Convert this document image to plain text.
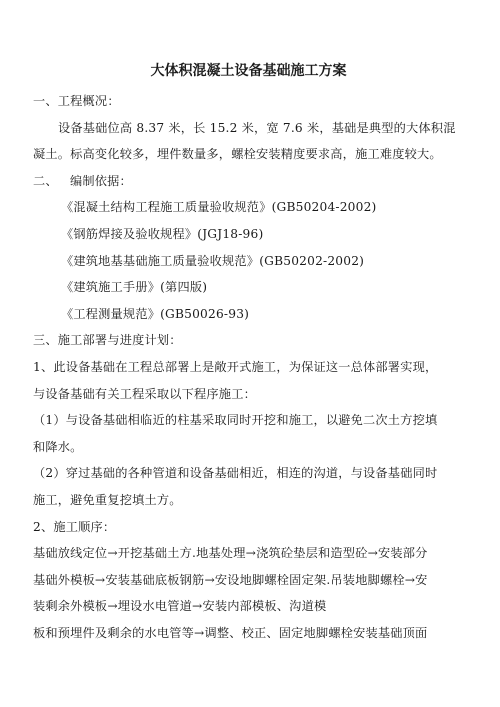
大体积混凝土设备基础施工方案
一、工程概况：
设备基础位高 8.37 米，长 15.2 米，宽 7.6 米，基础是典型的大体积混
凝土。标高变化较多，埋件数量多，螺栓安装精度要求高，施工难度较大。
二、   编制依据：
《混凝土结构工程施工质量验收规范》(GB50204-2002)
《钢筋焊接及验收规程》(JGJ18-96)
《建筑地基基础施工质量验收规范》(GB50202-2002)
《建筑施工手册》(第四版)
《工程测量规范》(GB50026-93)
三、施工部署与进度计划：
1、此设备基础在工程总部署上是敞开式施工，为保证这一总体部署实现，
与设备基础有关工程采取以下程序施工：
（1）与设备基础相临近的柱基采取同时开挖和施工，以避免二次土方挖填
和降水。
（2）穿过基础的各种管道和设备基础相近，相连的沟道，与设备基础同时
施工，避免重复挖填土方。
2、施工顺序：
基础放线定位→开挖基础土方.地基处理→浇筑砼垫层和造型砼→安装部分
基础外模板→安装基础底板钢筋→安设地脚螺栓固定架.吊装地脚螺栓→安
装剩余外模板→埋设水电管道→安装内部模板、沟道模
板和预埋件及剩余的水电管等→调整、校正、固定地脚螺栓安装基础顶面
